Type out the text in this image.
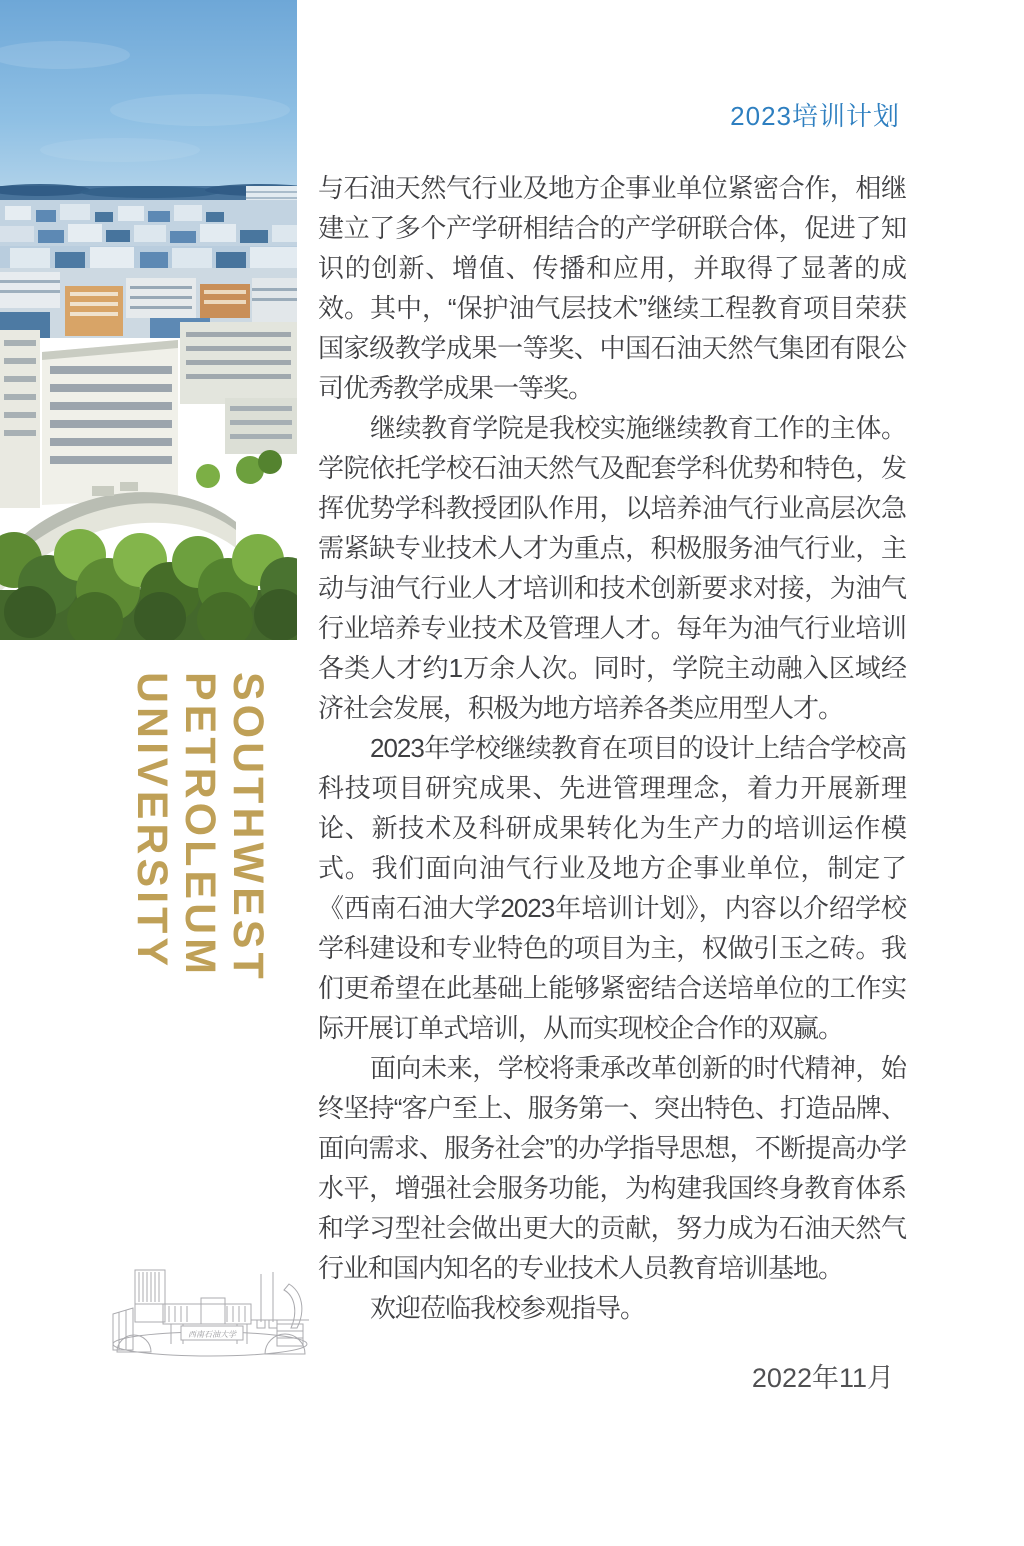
2023培训计划

与石油天然气行业及地方企事业单位紧密合作，相继建立了多个产学研相结合的产学研联合体，促进了知识的创新、增值、传播和应用，并取得了显著的成效。其中，“保护油气层技术”继续工程教育项目荣获国家级教学成果一等奖、中国石油天然气集团有限公司优秀教学成果一等奖。

继续教育学院是我校实施继续教育工作的主体。学院依托学校石油天然气及配套学科优势和特色，发挥优势学科教授团队作用，以培养油气行业高层次急需紧缺专业技术人才为重点，积极服务油气行业，主动与油气行业人才培训和技术创新要求对接，为油气行业培养专业技术及管理人才。每年为油气行业培训各类人才约1万余人次。同时，学院主动融入区域经济社会发展，积极为地方培养各类应用型人才。

2023年学校继续教育在项目的设计上结合学校高科技项目研究成果、先进管理理念，着力开展新理论、新技术及科研成果转化为生产力的培训运作模式。我们面向油气行业及地方企事业单位，制定了《西南石油大学2023年培训计划》，内容以介绍学校学科建设和专业特色的项目为主，权做引玉之砖。我们更希望在此基础上能够紧密结合送培单位的工作实际开展订单式培训，从而实现校企合作的双赢。

面向未来，学校将秉承改革创新的时代精神，始终坚持“客户至上、服务第一、突出特色、打造品牌、面向需求、服务社会”的办学指导思想，不断提高办学水平，增强社会服务功能，为构建我国终身教育体系和学习型社会做出更大的贡献，努力成为石油天然气行业和国内知名的专业技术人员教育培训基地。

欢迎莅临我校参观指导。

SOUTHWEST
PETROLEUM
UNIVERSITY
西南石油大学
2022年11月
